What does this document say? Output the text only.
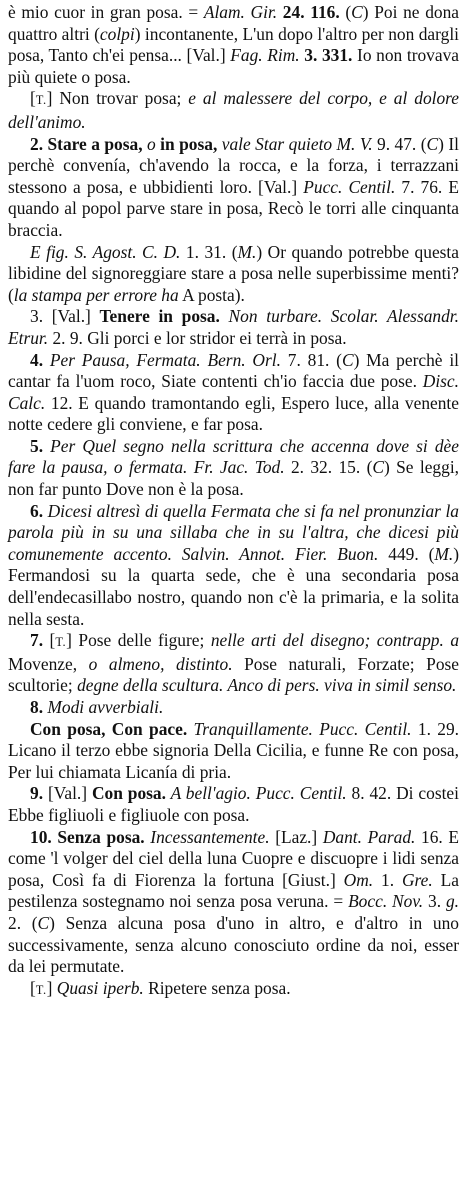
è mio cuor in gran posa. = Alam. Gir. 24. 116. (C) Poi ne dona quattro altri (colpi) incontanente, L'un dopo l'altro per non dargli posa, Tanto ch'ei pensa... [Val.] Fag. Rim. 3. 331. Io non trovava più quiete o posa.

[T.] Non trovar posa; e al malessere del corpo, e al dolore dell'animo.

2. Stare a posa, o in posa, vale Star quieto M. V. 9. 47. (C) Il perchè convenía, ch'avendo la rocca, e la forza, i terrazzani stessono a posa, e ubbidienti loro. [Val.] Pucc. Centil. 7. 76. E quando al popol parve stare in posa, Recò le torri alle cinquanta braccia.

E fig. S. Agost. C. D. 1. 31. (M.) Or quando potrebbe questa libidine del signoreggiare stare a posa nelle superbissime menti? (la stampa per errore ha A posta).

3. [Val.] Tenere in posa. Non turbare. Scolar. Alessandr. Etrur. 2. 9. Gli porci e lor stridor ei terrà in posa.

4. Per Pausa, Fermata. Bern. Orl. 7. 81. (C) Ma perchè il cantar fa l'uom roco, Siate contenti ch'io faccia due pose. Disc. Calc. 12. E quando tramontando egli, Espero luce, alla venente notte cedere gli conviene, e far posa.

5. Per Quel segno nella scrittura che accenna dove si dèe fare la pausa, o fermata. Fr. Jac. Tod. 2. 32. 15. (C) Se leggi, non far punto Dove non è la posa.

6. Dicesi altresì di quella Fermata che si fa nel pronunziar la parola più in su una sillaba che in su l'altra, che dicesi più comunemente accento. Salvin. Annot. Fier. Buon. 449. (M.) Fermandosi su la quarta sede, che è una secondaria posa dell'endecasillabo nostro, quando non c'è la primaria, e la solita nella sesta.

7. [T.] Pose delle figure; nelle arti del disegno; contrapp. a Movenze, o almeno, distinto. Pose naturali, Forzate; Pose scultorie; degne della scultura. Anco di pers. viva in simil senso.

8. Modi avverbiali.

Con posa, Con pace. Tranquillamente. Pucc. Centil. 1. 29. Licano il terzo ebbe signoria Della Cicilia, e funne Re con posa, Per lui chiamata Licanía di pria.

9. [Val.] Con posa. A bell'agio. Pucc. Centil. 8. 42. Di costei Ebbe figliuoli e figliuole con posa.

10. Senza posa. Incessantemente. [Laz.] Dant. Parad. 16. E come 'l volger del ciel della luna Cuopre e discuopre i lidi senza posa, Così fa di Fiorenza la fortuna [Giust.] Om. 1. Gre. La pestilenza sostegnamo noi senza posa veruna. = Bocc. Nov. 3. g. 2. (C) Senza alcuna posa d'uno in altro, e d'altro in uno successivamente, senza alcuno conosciuto ordine da noi, esser da lei permutate.

[T.] Quasi iperb. Ripetere senza posa.
